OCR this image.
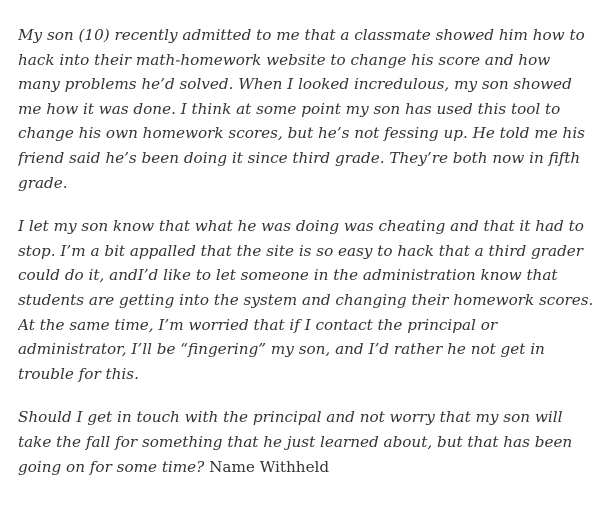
My son (10) recently admitted to me that a classmate showed him how to
hack into their math-homework website to change his score and how
many problems he’d solved. When I looked incredulous, my son showed
me how it was done. I think at some point my son has used this tool to
change his own homework scores, but he’s not fessing up. He told me his
friend said he’s been doing it since third grade. They’re both now in fifth
grade.

I let my son know that what he was doing was cheating and that it had to
stop. I’m a bit appalled that the site is so easy to hack that a third grader
could do it, andI’d like to let someone in the administration know that
students are getting into the system and changing their homework scores.
At the same time, I’m worried that if I contact the principal or
administrator, I’ll be “fingering” my son, and I’d rather he not get in
trouble for this.

Should I get in touch with the principal and not worry that my son will
take the fall for something that he just learned about, but that has been
going on for some time? Name Withheld
